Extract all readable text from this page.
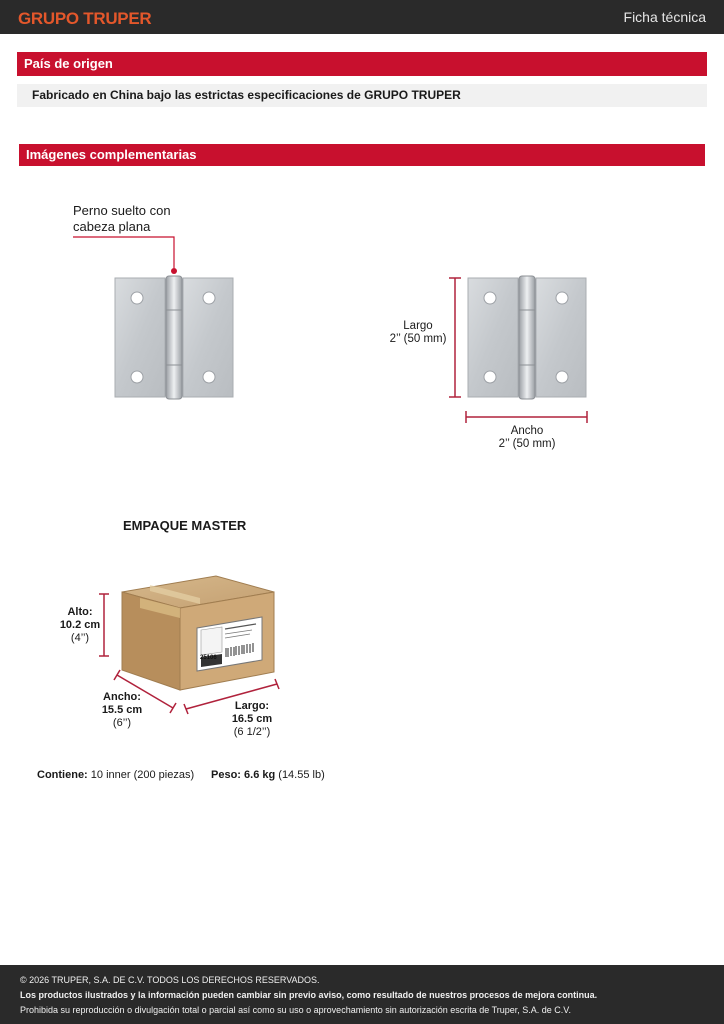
GRUPO TRUPER	Ficha técnica
País de origen
Fabricado en China bajo las estrictas especificaciones de GRUPO TRUPER
Imágenes complementarias
Perno suelto con
cabeza plana
Largo
2’’ (50 mm)
Ancho
2’’ (50 mm)
EMPAQUE MASTER
Alto:
10.2 cm
(4’’)
Ancho:
15.5 cm
(6’’)
Largo:
16.5 cm
(6 1/2’’)
25106
Contiene: 10 inner (200 piezas) Peso: 6.6 kg (14.55 lb)
© 2026 TRUPER, S.A. DE C.V. TODOS LOS DERECHOS RESERVADOS.
Los productos ilustrados y la información pueden cambiar sin previo aviso, como resultado de nuestros procesos de mejora continua.
Prohibida su reproducción o divulgación total o parcial así como su uso o aprovechamiento sin autorización escrita de Truper, S.A. de C.V.
